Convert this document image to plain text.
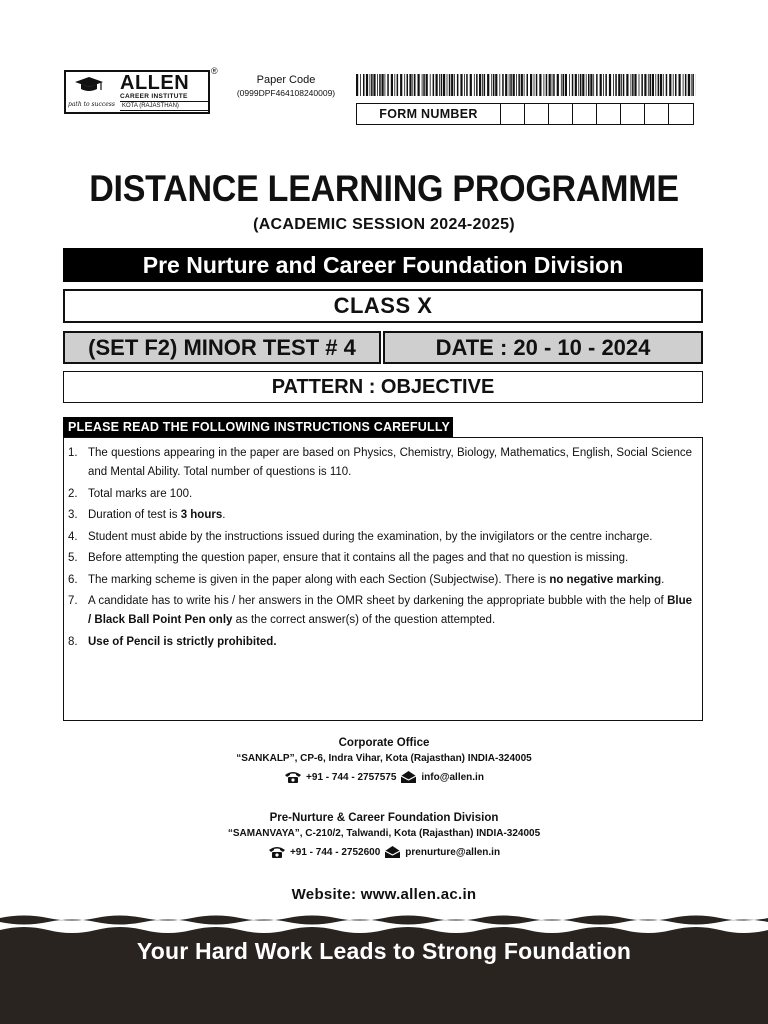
path to success
ALLEN
CAREER INSTITUTE
KOTA (RAJASTHAN)
®
Paper Code
(0999DPF464108240009)
FORM NUMBER
DISTANCE LEARNING PROGRAMME
(ACADEMIC SESSION 2024-2025)
Pre Nurture and Career Foundation Division
CLASS X
(SET F2) MINOR TEST # 4	DATE : 20 - 10 - 2024
PATTERN : OBJECTIVE
PLEASE READ THE FOLLOWING INSTRUCTIONS CAREFULLY
1. The questions appearing in the paper are based on Physics, Chemistry, Biology, Mathematics, English, Social Science and Mental Ability. Total number of questions is 110.
2. Total marks are 100.
3. Duration of test is 3 hours.
4. Student must abide by the instructions issued during the examination, by the invigilators or the centre incharge.
5. Before attempting the question paper, ensure that it contains all the pages and that no question is missing.
6. The marking scheme is given in the paper along with each Section (Subjectwise). There is no negative marking.
7. A candidate has to write his / her answers in the OMR sheet by darkening the appropriate bubble with the help of Blue / Black Ball Point Pen only as the correct answer(s) of the question attempted.
8. Use of Pencil is strictly prohibited.
Corporate Office
“SANKALP”, CP-6, Indra Vihar, Kota (Rajasthan) INDIA-324005
+91 - 744 - 2757575	info@allen.in
Pre-Nurture & Career Foundation Division
“SAMANVAYA”, C-210/2, Talwandi, Kota (Rajasthan) INDIA-324005
+91 - 744 - 2752600	prenurture@allen.in
Website: www.allen.ac.in
Your Hard Work Leads to Strong Foundation
